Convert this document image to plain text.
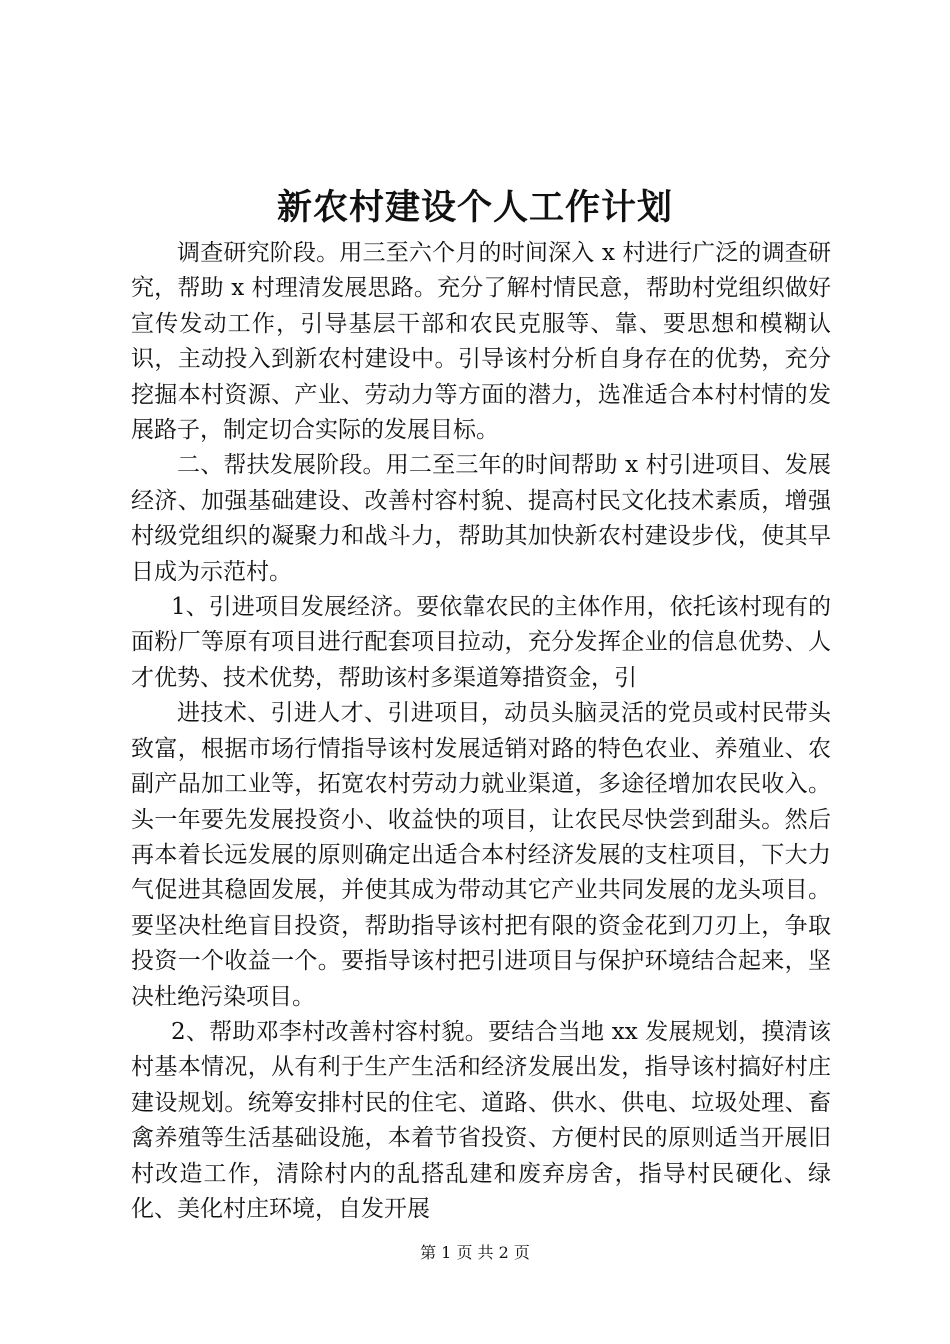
新农村建设个人工作计划

调查研究阶段。用三至六个月的时间深入 x 村进行广泛的调查研究，帮助 x 村理清发展思路。充分了解村情民意，帮助村党组织做好宣传发动工作，引导基层干部和农民克服等、靠、要思想和模糊认识，主动投入到新农村建设中。引导该村分析自身存在的优势，充分挖掘本村资源、产业、劳动力等方面的潜力，选准适合本村村情的发展路子，制定切合实际的发展目标。

二、帮扶发展阶段。用二至三年的时间帮助 x 村引进项目、发展经济、加强基础建设、改善村容村貌、提高村民文化技术素质，增强村级党组织的凝聚力和战斗力，帮助其加快新农村建设步伐，使其早日成为示范村。

1、引进项目发展经济。要依靠农民的主体作用，依托该村现有的面粉厂等原有项目进行配套项目拉动，充分发挥企业的信息优势、人才优势、技术优势，帮助该村多渠道筹措资金，引

进技术、引进人才、引进项目，动员头脑灵活的党员或村民带头致富，根据市场行情指导该村发展适销对路的特色农业、养殖业、农副产品加工业等，拓宽农村劳动力就业渠道，多途径增加农民收入。头一年要先发展投资小、收益快的项目，让农民尽快尝到甜头。然后再本着长远发展的原则确定出适合本村经济发展的支柱项目，下大力气促进其稳固发展，并使其成为带动其它产业共同发展的龙头项目。要坚决杜绝盲目投资，帮助指导该村把有限的资金花到刀刃上，争取投资一个收益一个。要指导该村把引进项目与保护环境结合起来，坚决杜绝污染项目。

2、帮助邓李村改善村容村貌。要结合当地 xx 发展规划，摸清该村基本情况，从有利于生产生活和经济发展出发，指导该村搞好村庄建设规划。统筹安排村民的住宅、道路、供水、供电、垃圾处理、畜禽养殖等生活基础设施，本着节省投资、方便村民的原则适当开展旧村改造工作，清除村内的乱搭乱建和废弃房舍，指导村民硬化、绿化、美化村庄环境，自发开展

第 1 页 共 2 页
